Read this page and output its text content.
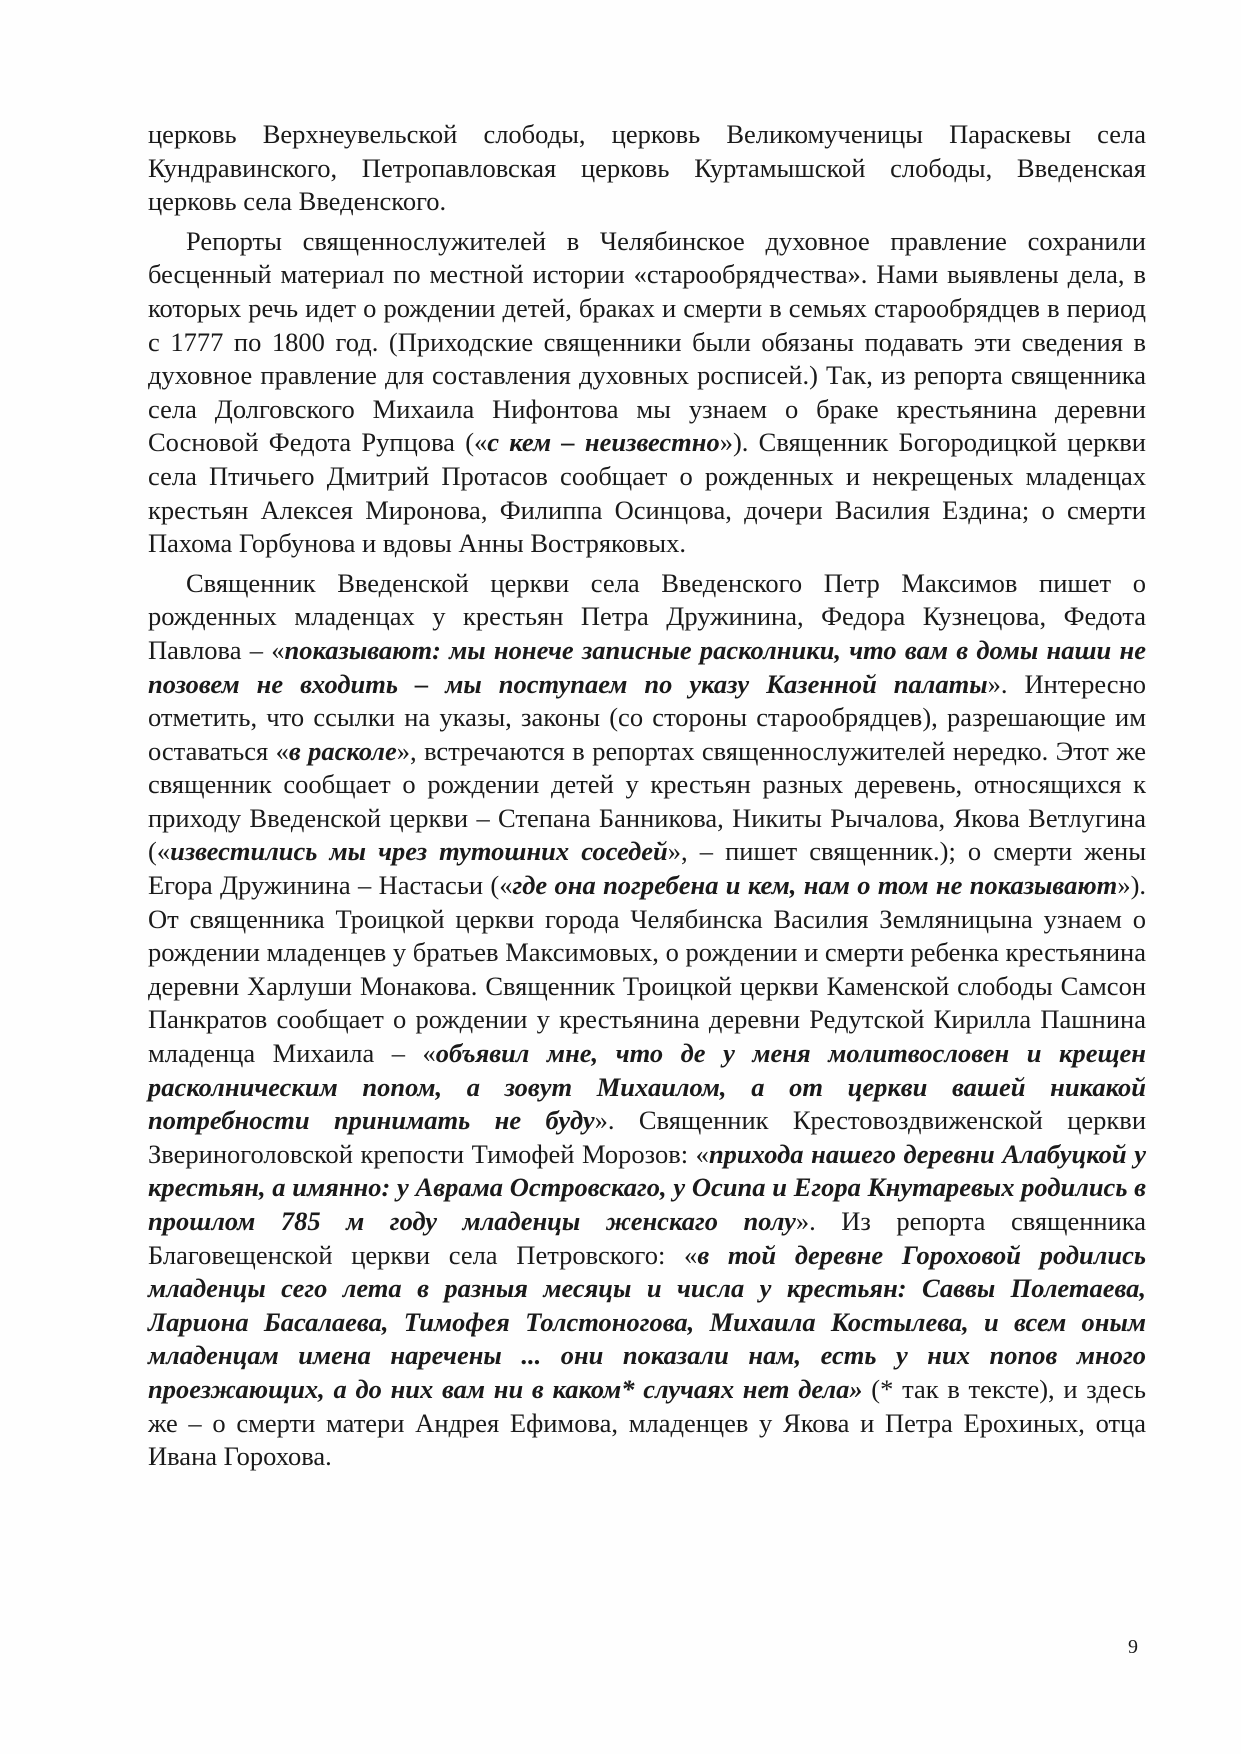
церковь Верхнеувельской слободы, церковь Великомученицы Параскевы села Кундравинского, Петропавловская церковь Куртамышской слободы, Введенская церковь села Введенского.

Репорты священнослужителей в Челябинское духовное правление сохранили бесценный материал по местной истории «старообрядчества». Нами выявлены дела, в которых речь идет о рождении детей, браках и смерти в семьях старообрядцев в период с 1777 по 1800 год. (Приходские священники были обязаны подавать эти сведения в духовное правление для составления духовных росписей.) Так, из репорта священника села Долговского Михаила Нифонтова мы узнаем о браке крестьянина деревни Сосновой Федота Рупцова («с кем – неизвестно»). Священник Богородицкой церкви села Птичьего Дмитрий Протасов сообщает о рожденных и некрещеных младенцах крестьян Алексея Миронова, Филиппа Осинцова, дочери Василия Ездина; о смерти Пахома Горбунова и вдовы Анны Востряковых.

Священник Введенской церкви села Введенского Петр Максимов пишет о рожденных младенцах у крестьян Петра Дружинина, Федора Кузнецова, Федота Павлова – «показывают: мы нонече записные расколники, что вам в домы наши не позовем не входить – мы поступаем по указу Казенной палаты». Интересно отметить, что ссылки на указы, законы (со стороны старообрядцев), разрешающие им оставаться «в расколе», встречаются в репортах священнослужителей нередко. Этот же священник сообщает о рождении детей у крестьян разных деревень, относящихся к приходу Введенской церкви – Степана Банникова, Никиты Рычалова, Якова Ветлугина («известились мы чрез тутошних соседей», – пишет священник.); о смерти жены Егора Дружинина – Настасьи («где она погребена и кем, нам о том не показывают»). От священника Троицкой церкви города Челябинска Василия Земляницына узнаем о рождении младенцев у братьев Максимовых, о рождении и смерти ребенка крестьянина деревни Харлуши Монакова. Священник Троицкой церкви Каменской слободы Самсон Панкратов сообщает о рождении у крестьянина деревни Редутской Кирилла Пашнина младенца Михаила – «объявил мне, что де у меня молитвословен и крещен расколническим попом, а зовут Михаилом, а от церкви вашей никакой потребности принимать не буду». Священник Крестовоздвиженской церкви Звериноголовской крепости Тимофей Морозов: «прихода нашего деревни Алабуцкой у крестьян, а имянно: у Аврама Островскаго, у Осипа и Егора Кнутаревых родились в прошлом 785 м году младенцы женскаго полу». Из репорта священника Благовещенской церкви села Петровского: «в той деревне Гороховой родились младенцы сего лета в разныя месяцы и числа у крестьян: Саввы Полетаева, Лариона Басалаева, Тимофея Толстоногова, Михаила Костылева, и всем оным младенцам имена наречены ... они показали нам, есть у них попов много проезжающих, а до них вам ни в каком* случаях нет дела» (* так в тексте), и здесь же – о смерти матери Андрея Ефимова, младенцев у Якова и Петра Ерохиных, отца Ивана Горохова.

9
